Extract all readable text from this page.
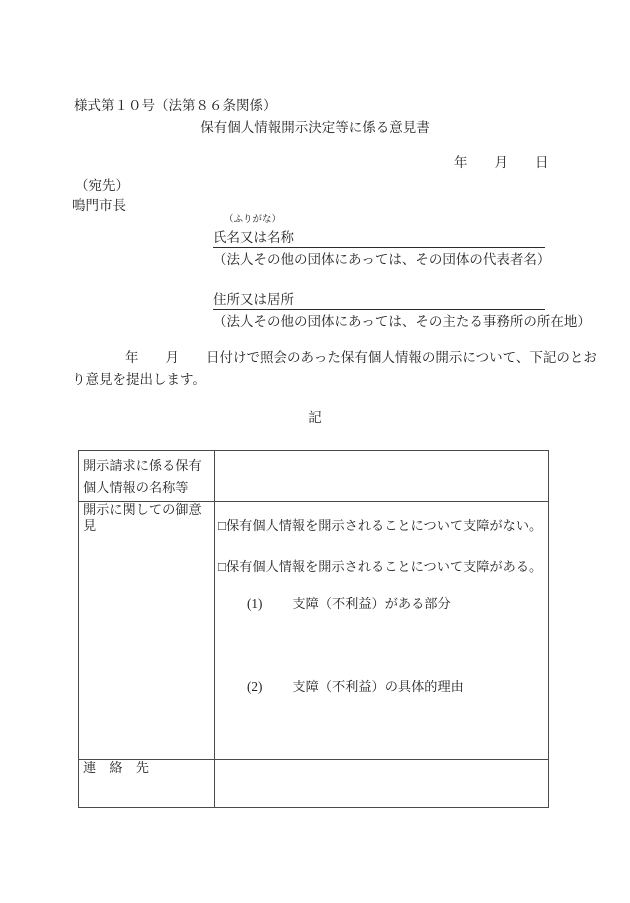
様式第１０号（法第８６条関係）
保有個人情報開示決定等に係る意見書
年　　月　　日
（宛先）
鳴門市長
（ふりがな）
氏名又は名称
（法人その他の団体にあっては、その団体の代表者名）
住所又は居所
（法人その他の団体にあっては、その主たる事務所の所在地）
年　　月　　日付けで照会のあった保有個人情報の開示について、下記のとお
り意見を提出します。
記
開示請求に係る保有個人情報の名称等	

開示に関しての御意見	□保有個人情報を開示されることについて支障がない。
□保有個人情報を開示されることについて支障がある。
(1) 支障（不利益）がある部分
(2) 支障（不利益）の具体的理由

連　絡　先	
